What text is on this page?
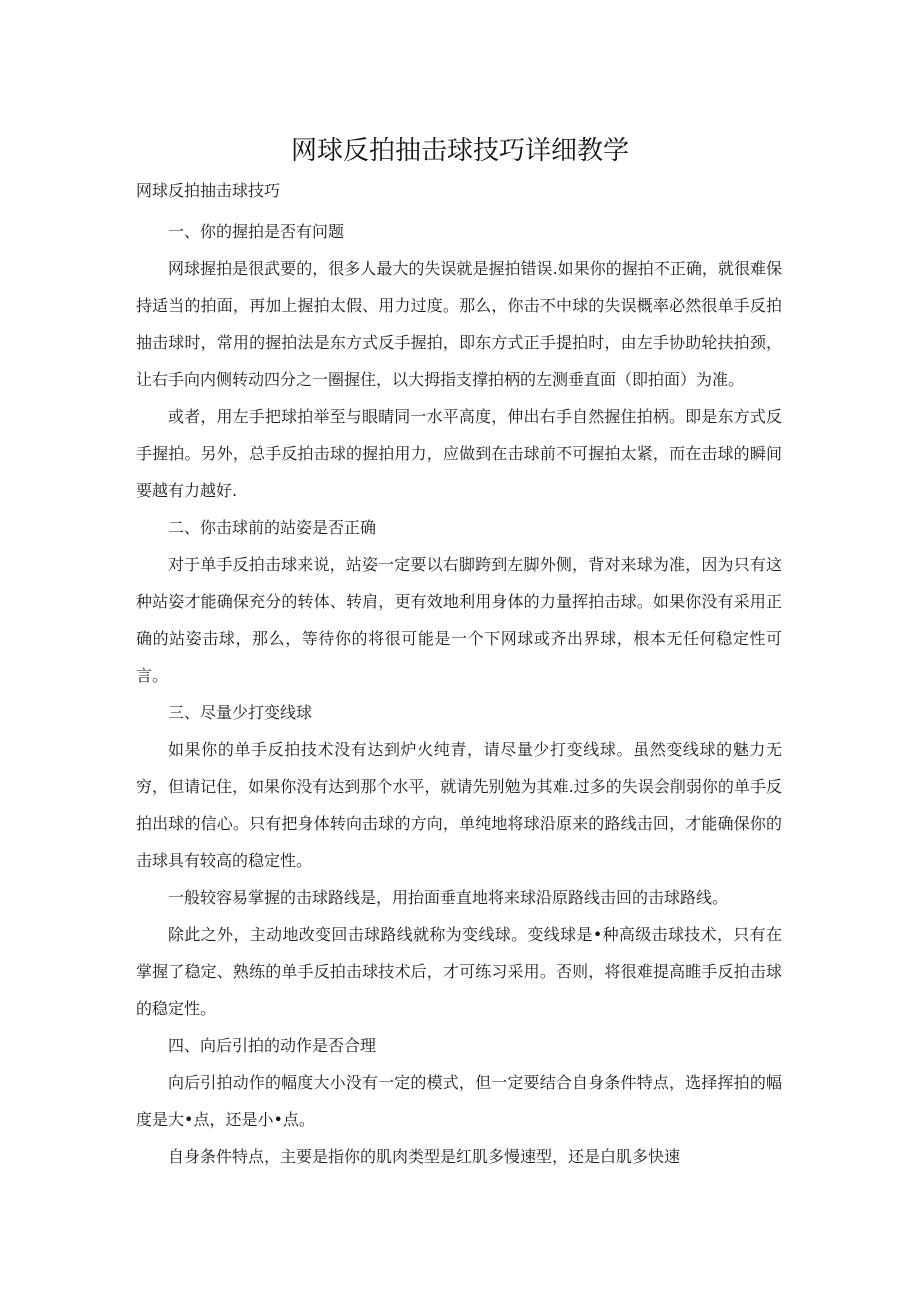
网球反拍抽击球技巧详细教学
网球反拍抽击球技巧

一、你的握拍是否有问题

网球握拍是很武要的，很多人最大的失误就是握拍错误.如果你的握拍不正确，就很难保持适当的拍面，再加上握拍太假、用力过度。那么，你击不中球的失误概率必然很单手反拍抽击球时，常用的握拍法是东方式反手握拍，即东方式正手提拍时，由左手协助轮扶拍颈，让右手向内侧转动四分之一圈握住，以大拇指支撑拍柄的左测垂直面（即拍面）为准。

或者，用左手把球拍举至与眼睛同一水平高度，伸出右手自然握住拍柄。即是东方式反手握拍。另外，总手反拍击球的握拍用力，应做到在击球前不可握拍太紧，而在击球的瞬间要越有力越好.

二、你击球前的站姿是否正确

对于单手反拍击球来说，站姿一定要以右脚跨到左脚外侧，背对来球为准，因为只有这种站姿才能确保充分的转体、转肩，更有效地利用身体的力量挥拍击球。如果你没有采用正确的站姿击球，那么，等待你的将很可能是一个下网球或齐出界球，根本无任何稳定性可言。

三、尽量少打变线球

如果你的单手反拍技术没有达到炉火纯青，请尽量少打变线球。虽然变线球的魅力无穷，但请记住，如果你没有达到那个水平，就请先别勉为其难.过多的失误会削弱你的单手反拍出球的信心。只有把身体转向击球的方向，单纯地将球沿原来的路线击回，才能确保你的击球具有较高的稳定性。

一般较容易掌握的击球路线是，用抬面垂直地将来球沿原路线击回的击球路线。

除此之外，主动地改变回击球路线就称为变线球。变线球是•种高级击球技术，只有在掌握了稳定、熟练的单手反拍击球技术后，才可练习采用。否则，将很难提高睢手反拍击球的稳定性。

四、向后引拍的动作是否合理

向后引拍动作的幅度大小没有一定的模式，但一定要结合自身条件特点，选择挥拍的幅度是大•点，还是小•点。

自身条件特点，主要是指你的肌肉类型是红肌多慢速型，还是白肌多快速
